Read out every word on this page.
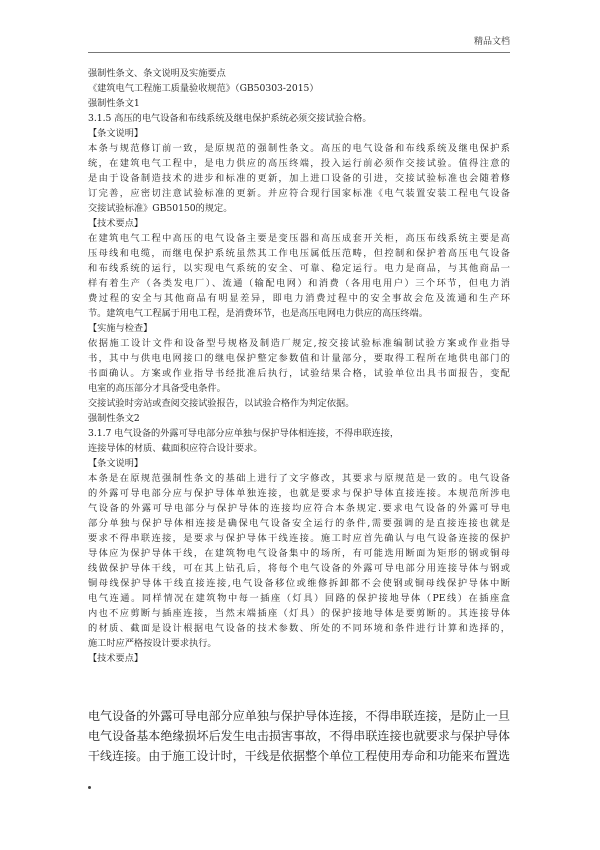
精品文档
强制性条文、条文说明及实施要点
《建筑电气工程施工质量验收规范》（GB50303-2015）
强制性条文1
3.1.5 高压的电气设备和布线系统及继电保护系统必须交接试验合格。
【条文说明】
本条与规范修订前一致，是原规范的强制性条文。高压的电气设备和布线系统及继电保护系
统，在建筑电气工程中，是电力供应的高压终端，投入运行前必须作交接试验。值得注意的
是由于设备制造技术的进步和标准的更新，加上进口设备的引进，交接试验标准也会随着修
订完善，应密切注意试验标准的更新。并应符合现行国家标准《电气装置安装工程电气设备
交接试验标准》GB50150的规定。
【技术要点】
在建筑电气工程中高压的电气设备主要是变压器和高压成套开关柜，高压布线系统主要是高
压母线和电缆，而继电保护系统虽然其工作电压属低压范畴，但控制和保护着高压电气设备
和布线系统的运行，以实现电气系统的安全、可靠、稳定运行。电力是商品，与其他商品一
样有着生产（各类发电厂）、流通（输配电网）和消费（各用电用户）三个环节，但电力消
费过程的安全与其他商品有明显差异，即电力消费过程中的安全事故会危及流通和生产环
节。建筑电气工程属于用电工程，是消费环节，也是高压电网电力供应的高压终端。
【实施与检查】
依据施工设计文件和设备型号规格及制造厂规定,按交接试验标准编制试验方案或作业指导
书，其中与供电电网接口的继电保护整定参数值和计量部分，要取得工程所在地供电部门的
书面确认。方案或作业指导书经批准后执行，试验结果合格，试验单位出具书面报告，变配
电室的高压部分才具备受电条件。
交接试验时旁站或查阅交接试验报告，以试验合格作为判定依据。
强制性条文2
3.1.7 电气设备的外露可导电部分应单独与保护导体相连接，不得串联连接，
连接导体的材质、截面积应符合设计要求。
【条文说明】
本条是在原规范强制性条文的基础上进行了文字修改，其要求与原规范是一致的。电气设备
的外露可导电部分应与保护导体单独连接，也就是要求与保护导体直接连接。本规范所涉电
气设备的外露可导电部分与保护导体的连接均应符合本条规定.要求电气设备的外露可导电
部分单独与保护导体相连接是确保电气设备安全运行的条件,需要强调的是直接连接也就是
要求不得串联连接，是要求与保护导体干线连接。施工时应首先确认与电气设备连接的保护
导体应为保护导体干线，在建筑物电气设备集中的场所，有可能选用断面为矩形的钢或铜母
线做保护导体干线，可在其上钻孔后，将每个电气设备的外露可导电部分用连接导体与钢或
铜母线保护导体干线直接连接,电气设备移位或维修拆卸都不会使钢或铜母线保护导体中断
电气连通。同样情况在建筑物中每一插座（灯具）回路的保护接地导体（PE线）在插座盒
内也不应剪断与插座连接，当然末端插座（灯具）的保护接地导体是要剪断的。其连接导体
的材质、截面是设计根据电气设备的技术参数、所处的不同环境和条件进行计算和选择的，
施工时应严格按设计要求执行。
【技术要点】
电气设备的外露可导电部分应单独与保护导体连接，不得串联连接，是防止一旦
电气设备基本绝缘损坏后发生电击损害事故，不得串联连接也就要求与保护导体
干线连接。由于施工设计时，干线是依据整个单位工程使用寿命和功能来布置选
